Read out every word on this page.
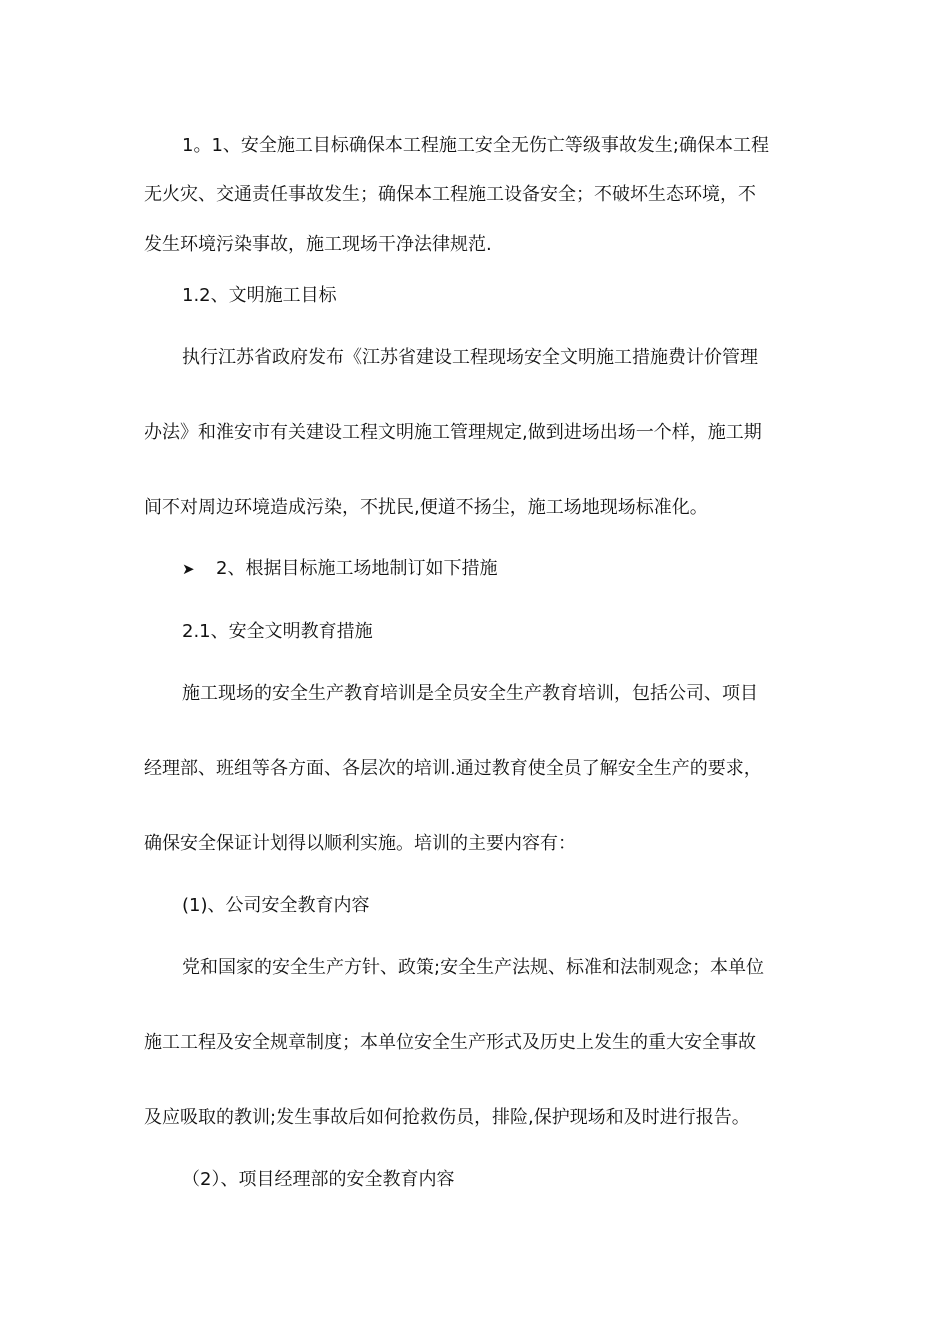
1。1、安全施工目标确保本工程施工安全无伤亡等级事故发生;确保本工程
无火灾、交通责任事故发生；确保本工程施工设备安全；不破坏生态环境，不
发生环境污染事故，施工现场干净法律规范.
1.2、文明施工目标
执行江苏省政府发布《江苏省建设工程现场安全文明施工措施费计价管理
办法》和淮安市有关建设工程文明施工管理规定,做到进场出场一个样，施工期
间不对周边环境造成污染，不扰民,便道不扬尘，施工场地现场标准化。
➤ 2、根据目标施工场地制订如下措施
2.1、安全文明教育措施
施工现场的安全生产教育培训是全员安全生产教育培训，包括公司、项目
经理部、班组等各方面、各层次的培训.通过教育使全员了解安全生产的要求，
确保安全保证计划得以顺利实施。培训的主要内容有：
(1)、公司安全教育内容
党和国家的安全生产方针、政策;安全生产法规、标准和法制观念；本单位
施工工程及安全规章制度；本单位安全生产形式及历史上发生的重大安全事故
及应吸取的教训;发生事故后如何抢救伤员，排险,保护现场和及时进行报告。
（2）、项目经理部的安全教育内容
